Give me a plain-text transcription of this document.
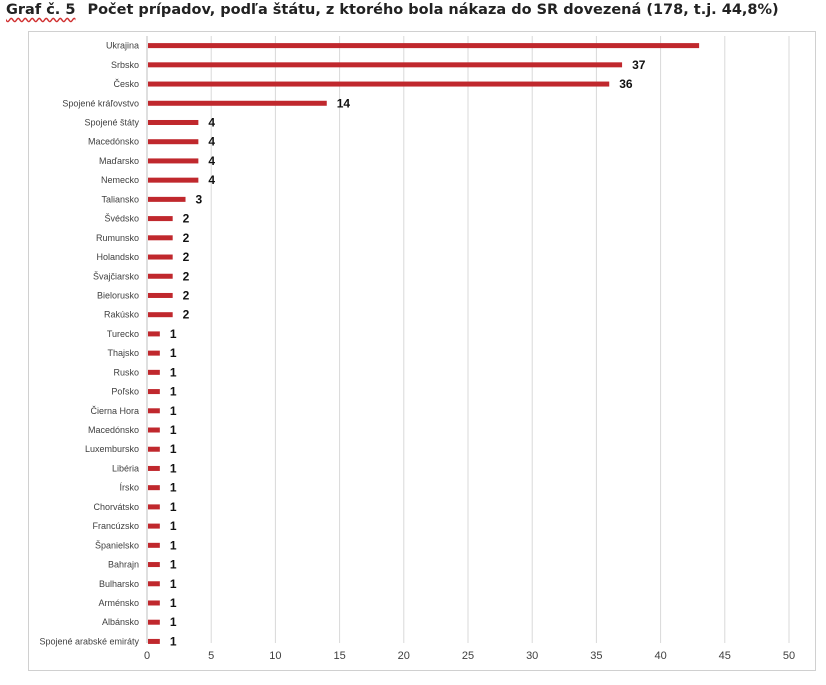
Graf č. 5 Počet prípadov, podľa štátu, z ktorého bola nákaza do SR dovezená (178, t.j. 44,8%)
0	5	10	15	20	25	30	35	40	45	50
Ukrajina
Srbsko	37
Česko	36
Spojené kráľovstvo	14
Spojené štáty	4
Macedónsko	4
Maďarsko	4
Nemecko	4
Taliansko	3
Švédsko	2
Rumunsko	2
Holandsko	2
Švajčiarsko	2
Bielorusko	2
Rakúsko	2
Turecko	1
Thajsko	1
Rusko	1
Poľsko	1
Čierna Hora	1
Macedónsko	1
Luxembursko	1
Libéria	1
Írsko	1
Chorvátsko	1
Francúzsko	1
Španielsko	1
Bahrajn	1
Bulharsko	1
Arménsko	1
Albánsko	1
Spojené arabské emiráty	1
